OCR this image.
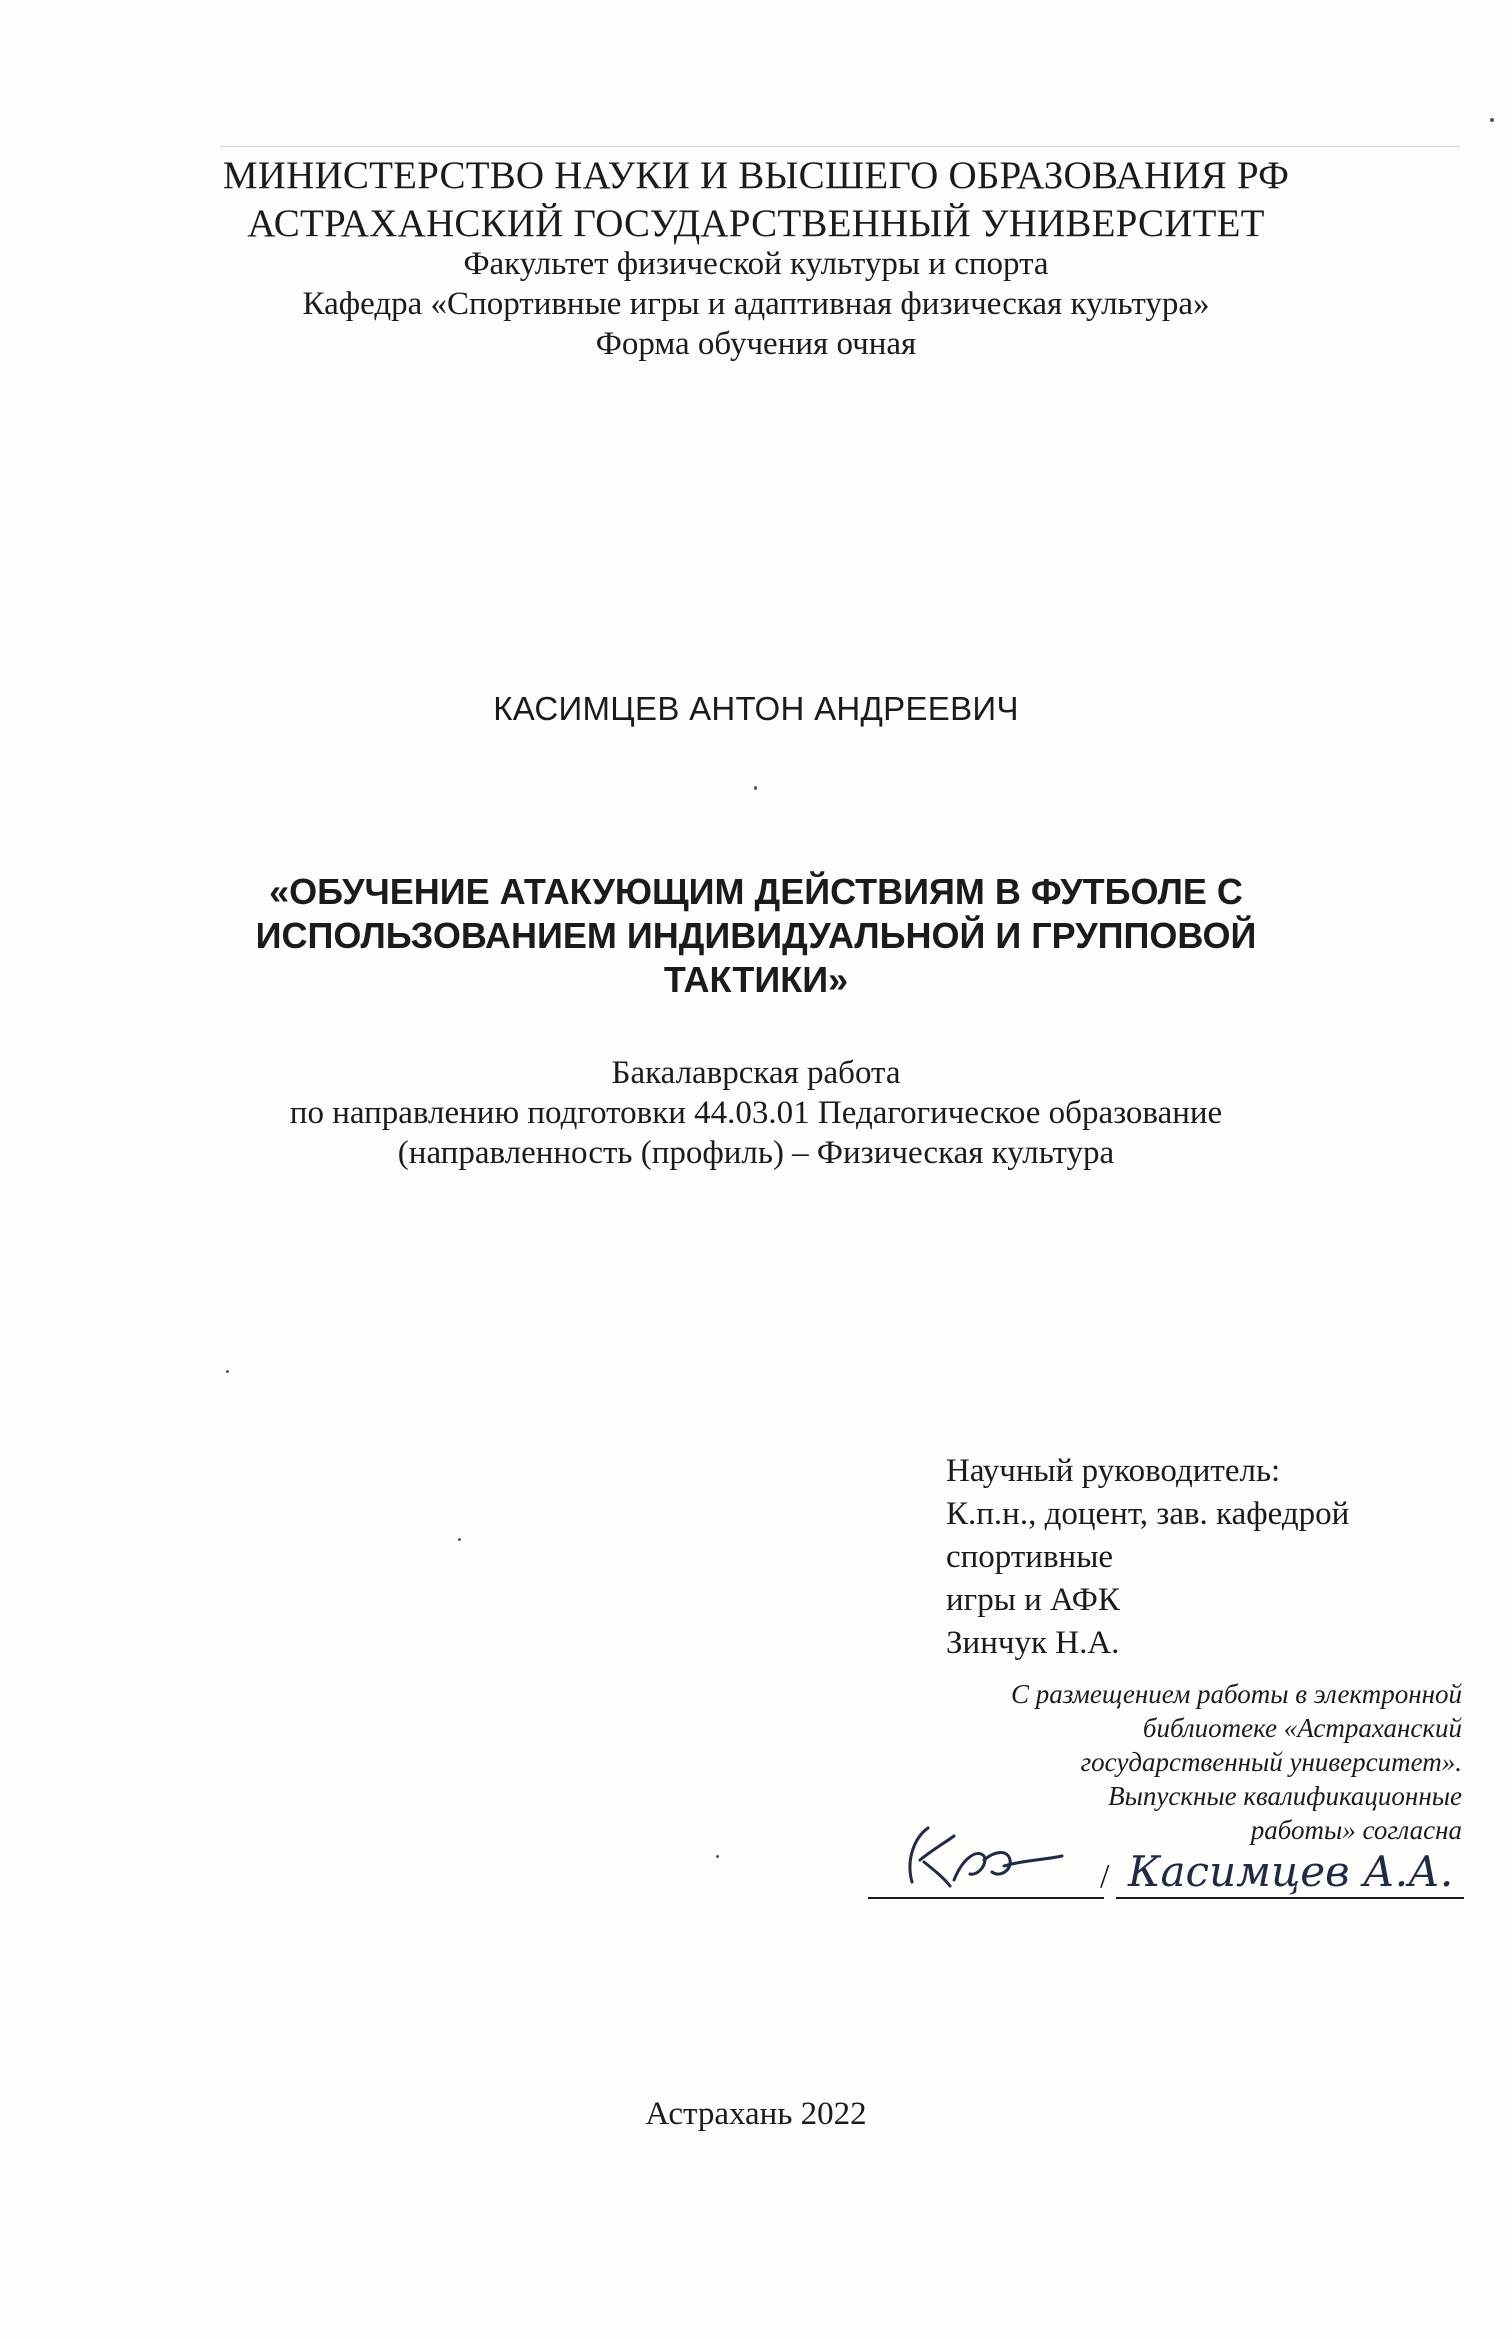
МИНИСТЕРСТВО НАУКИ И ВЫСШЕГО ОБРАЗОВАНИЯ РФ
АСТРАХАНСКИЙ ГОСУДАРСТВЕННЫЙ УНИВЕРСИТЕТ
Факультет физической культуры и спорта
Кафедра «Спортивные игры и адаптивная физическая культура»
Форма обучения очная
КАСИМЦЕВ АНТОН АНДРЕЕВИЧ
«ОБУЧЕНИЕ АТАКУЮЩИМ ДЕЙСТВИЯМ В ФУТБОЛЕ С
ИСПОЛЬЗОВАНИЕМ ИНДИВИДУАЛЬНОЙ И ГРУППОВОЙ
ТАКТИКИ»
Бакалаврская работа
по направлению подготовки 44.03.01 Педагогическое образование
(направленность (профиль) – Физическая культура
Научный руководитель:
К.п.н., доцент, зав. кафедрой
спортивные
игры и АФК
Зинчук Н.А.
С размещением работы в электронной
библиотеке «Астраханский
государственный университет».
Выпускные квалификационные
работы» согласна
/ Касимцев А.А.
Астрахань 2022
